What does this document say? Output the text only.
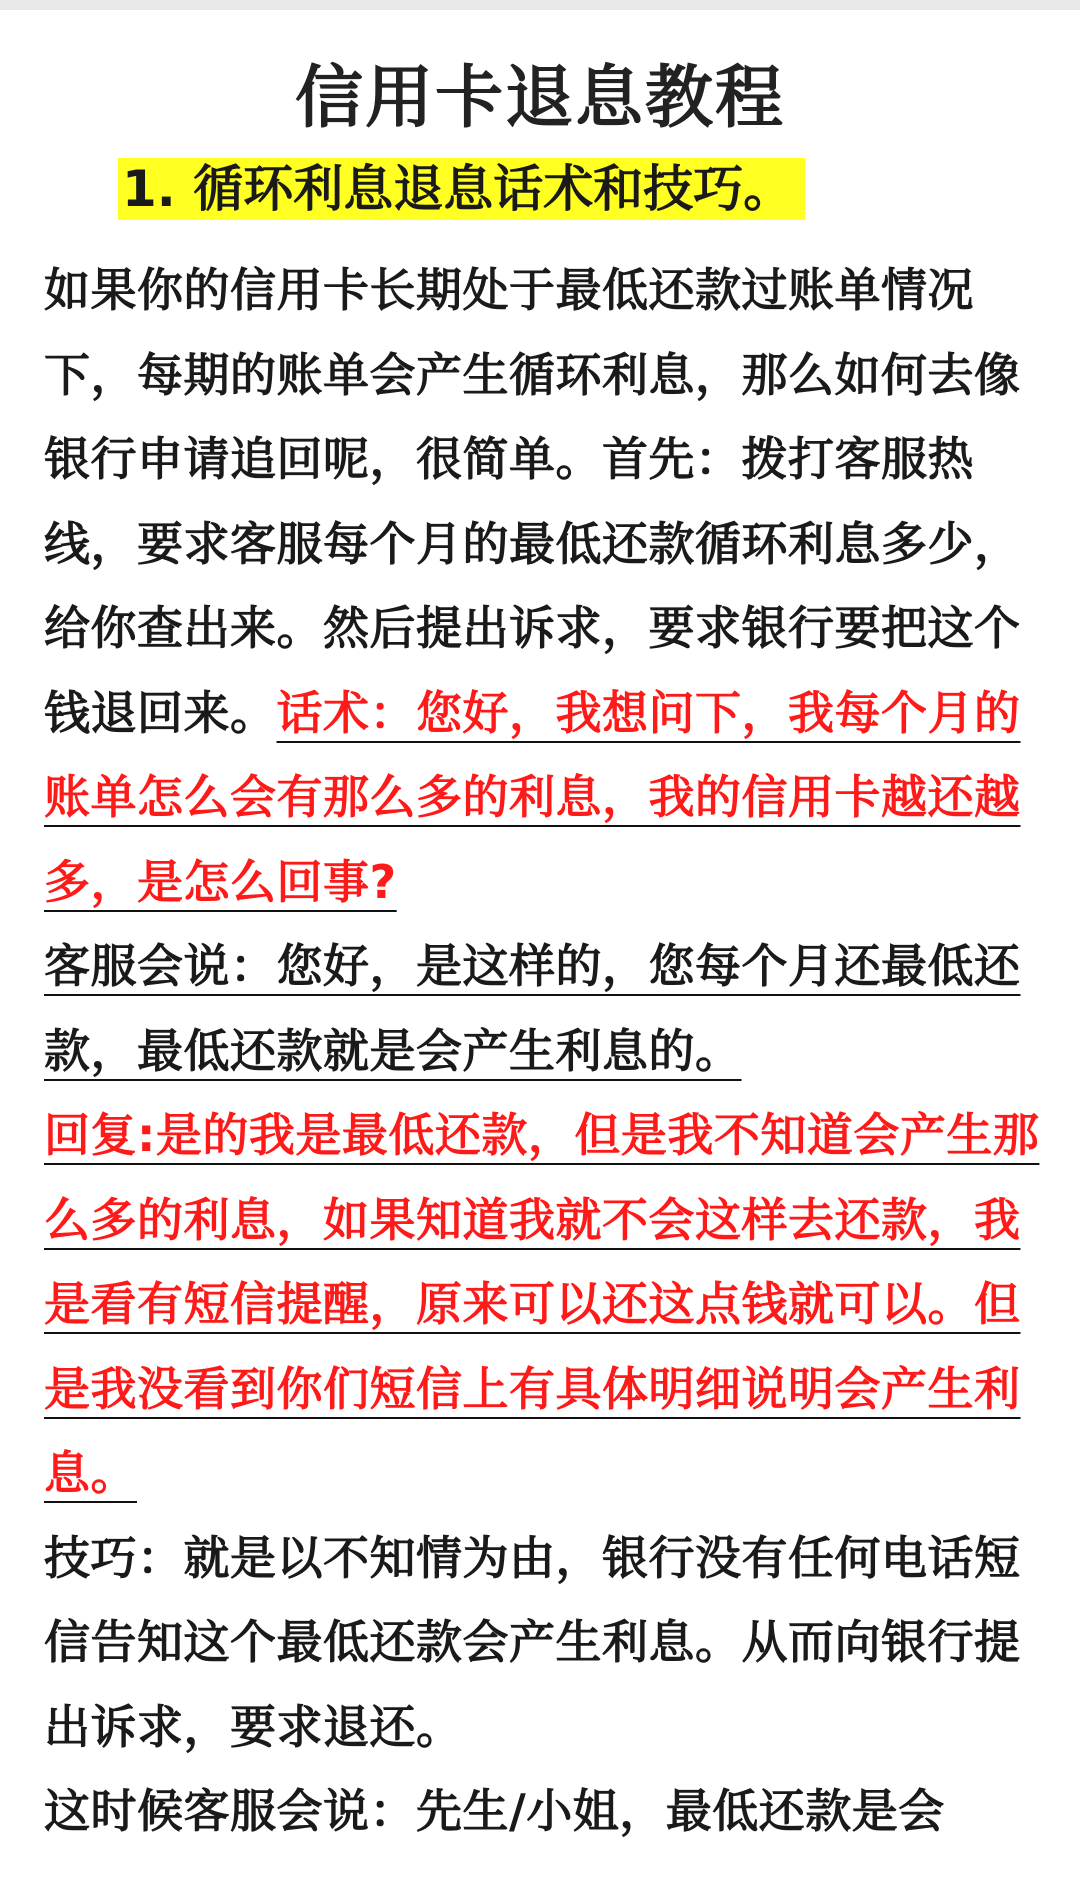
信用卡退息教程
1. 循环利息退息话术和技巧。

如果你的信用卡长期处于最低还款过账单情况下，每期的账单会产生循环利息，那么如何去像银行申请追回呢，很简单。首先：拨打客服热线，要求客服每个月的最低还款循环利息多少，给你查出来。然后提出诉求，要求银行要把这个钱退回来。话术：您好，我想问下，我每个月的账单怎么会有那么多的利息，我的信用卡越还越多，是怎么回事?

客服会说：您好，是这样的，您每个月还最低还款，最低还款就是会产生利息的。

回复:是的我是最低还款，但是我不知道会产生那么多的利息，如果知道我就不会这样去还款，我是看有短信提醒，原来可以还这点钱就可以。但是我没看到你们短信上有具体明细说明会产生利息。

技巧：就是以不知情为由，银行没有任何电话短信告知这个最低还款会产生利息。从而向银行提出诉求，要求退还。

这时候客服会说：先生/小姐，最低还款是会
